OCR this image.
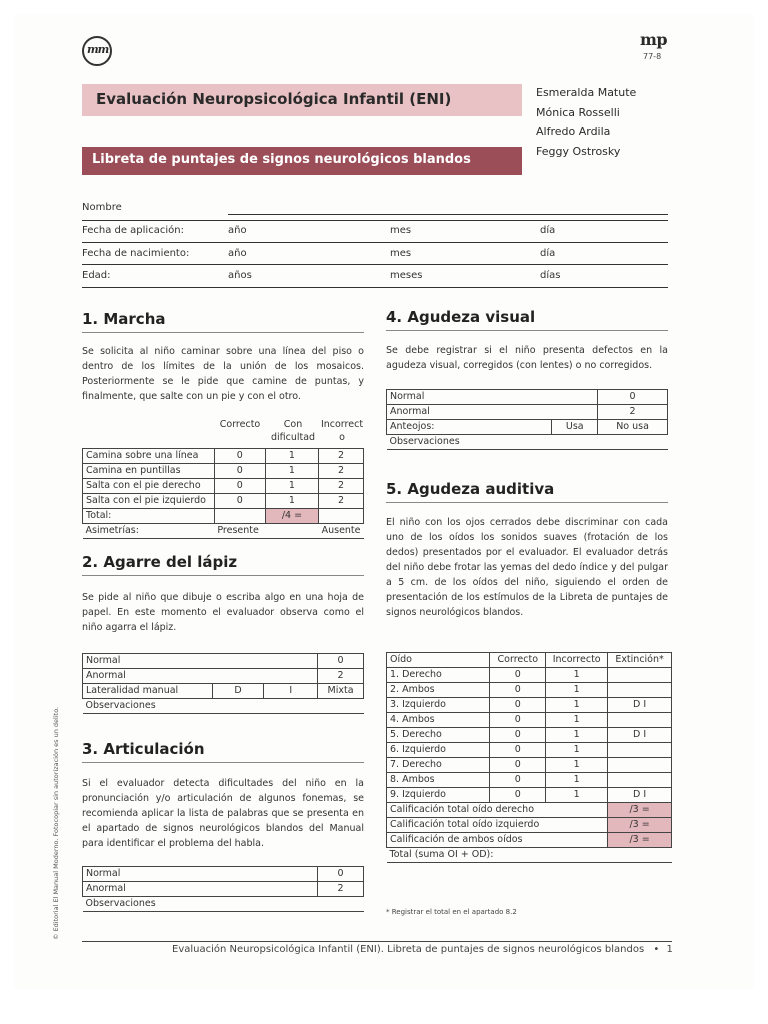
mm
mp
77-8
Evaluación Neuropsicológica Infantil (ENI)
Libreta de puntajes de signos neurológicos blandos
Esmeralda Matute
Mónica Rosselli
Alfredo Ardila
Feggy Ostrosky
Nombre
Fecha de aplicación:	año	mes	día
Fecha de nacimiento:	año	mes	día
Edad:	años	meses	días
1. Marcha
Se solicita al niño caminar sobre una línea del piso o dentro de los límites de la unión de los mosaicos. Posteriormente se le pide que camine de puntas, y finalmente, que salte con un pie y con el otro.
Correcto	Con dificultad
Incorrecto
Camina sobre una línea	0	1	2
Camina en puntillas	0	1	2
Salta con el pie derecho	0	1	2
Salta con el pie izquierdo	0	1	2
Total:		/4 =	
Asimetrías:	Presente		Ausente
2. Agarre del lápiz
Se pide al niño que dibuje o escriba algo en una hoja de papel. En este momento el evaluador observa como el niño agarra el lápiz.
Normal			0
Anormal			2
Lateralidad manual	D	I	Mixta
Observaciones			
3. Articulación
Si el evaluador detecta dificultades del niño en la pronunciación y/o articulación de algunos fonemas, se recomienda aplicar la lista de palabras que se presenta en el apartado de signos neurológicos blandos del Manual para identificar el problema del habla.
Normal	0
Anormal	2
Observaciones	
4. Agudeza visual
Se debe registrar si el niño presenta defectos en la agudeza visual, corregidos (con lentes) o no corregidos.
Normal		0
Anormal		2
Anteojos:	Usa	No usa
Observaciones		
5. Agudeza auditiva
El niño con los ojos cerrados debe discriminar con cada uno de los oídos los sonidos suaves (frotación de los dedos) presentados por el evaluador. El evaluador detrás del niño debe frotar las yemas del dedo índice y del pulgar a 5 cm. de los oídos del niño, siguiendo el orden de presentación de los estímulos de la Libreta de puntajes de signos neurológicos blandos.
Oído	Correcto	Incorrecto	Extinción*
1. Derecho	0	1	
2. Ambos	0	1	
3. Izquierdo	0	1	D I
4. Ambos	0	1	
5. Derecho	0	1	D I
6. Izquierdo	0	1	
7. Derecho	0	1	
8. Ambos	0	1	
9. Izquierdo	0	1	D I
Calificación total oído derecho			/3 =
Calificación total oído izquierdo			/3 =
Calificación de ambos oídos			/3 =
Total (suma OI + OD):			
* Registrar el total en el apartado 8.2
Evaluación Neuropsicológica Infantil (ENI). Libreta de puntajes de signos neurológicos blandos • 1
© Editorial El Manual Moderno. Fotocopiar sin autorización es un delito.
